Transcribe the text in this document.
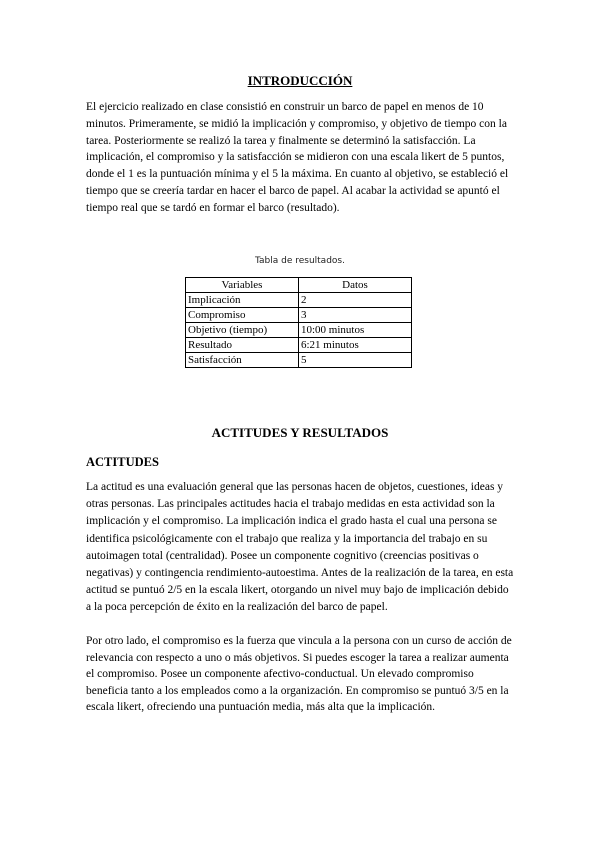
INTRODUCCIÓN

El ejercicio realizado en clase consistió en construir un barco de papel en menos de 10 minutos. Primeramente, se midió la implicación y compromiso, y objetivo de tiempo con la tarea. Posteriormente se realizó la tarea y finalmente se determinó la satisfacción. La implicación, el compromiso y la satisfacción se midieron con una escala likert de 5 puntos, donde el 1 es la puntuación mínima y el 5 la máxima. En cuanto al objetivo, se estableció el tiempo que se creería tardar en hacer el barco de papel. Al acabar la actividad se apuntó el tiempo real que se tardó en formar el barco (resultado).

Tabla de resultados.

Variables	Datos
Implicación	2
Compromiso	3
Objetivo (tiempo)	10:00 minutos
Resultado	6:21 minutos
Satisfacción	5
ACTITUDES Y RESULTADOS
ACTITUDES

La actitud es una evaluación general que las personas hacen de objetos, cuestiones, ideas y otras personas. Las principales actitudes hacia el trabajo medidas en esta actividad son la implicación y el compromiso. La implicación indica el grado hasta el cual una persona se identifica psicológicamente con el trabajo que realiza y la importancia del trabajo en su autoimagen total (centralidad). Posee un componente cognitivo (creencias positivas o negativas) y contingencia rendimiento-autoestima. Antes de la realización de la tarea, en esta actitud se puntuó 2/5 en la escala likert, otorgando un nivel muy bajo de implicación debido a la poca percepción de éxito en la realización del barco de papel.

Por otro lado, el compromiso es la fuerza que vincula a la persona con un curso de acción de relevancia con respecto a uno o más objetivos. Si puedes escoger la tarea a realizar aumenta el compromiso. Posee un componente afectivo-conductual. Un elevado compromiso beneficia tanto a los empleados como a la organización. En compromiso se puntuó 3/5 en la escala likert, ofreciendo una puntuación media, más alta que la implicación.
